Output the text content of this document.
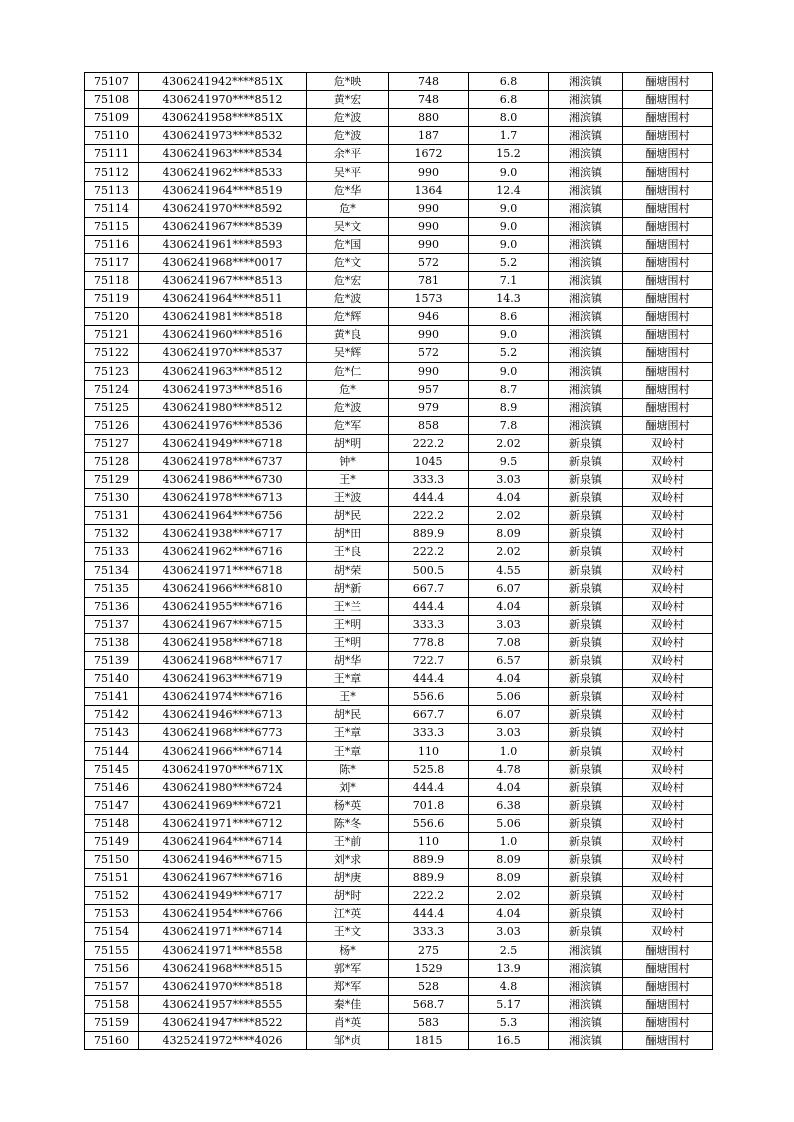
75107	4306241942****851X	危*映	748	6.8	湘滨镇	酾塘围村
75108	4306241970****8512	黄*宏	748	6.8	湘滨镇	酾塘围村
75109	4306241958****851X	危*波	880	8.0	湘滨镇	酾塘围村
75110	4306241973****8532	危*波	187	1.7	湘滨镇	酾塘围村
75111	4306241963****8534	余*平	1672	15.2	湘滨镇	酾塘围村
75112	4306241962****8533	吴*平	990	9.0	湘滨镇	酾塘围村
75113	4306241964****8519	危*华	1364	12.4	湘滨镇	酾塘围村
75114	4306241970****8592	危*	990	9.0	湘滨镇	酾塘围村
75115	4306241967****8539	吴*文	990	9.0	湘滨镇	酾塘围村
75116	4306241961****8593	危*国	990	9.0	湘滨镇	酾塘围村
75117	4306241968****0017	危*文	572	5.2	湘滨镇	酾塘围村
75118	4306241967****8513	危*宏	781	7.1	湘滨镇	酾塘围村
75119	4306241964****8511	危*波	1573	14.3	湘滨镇	酾塘围村
75120	4306241981****8518	危*辉	946	8.6	湘滨镇	酾塘围村
75121	4306241960****8516	黄*良	990	9.0	湘滨镇	酾塘围村
75122	4306241970****8537	吴*辉	572	5.2	湘滨镇	酾塘围村
75123	4306241963****8512	危*仁	990	9.0	湘滨镇	酾塘围村
75124	4306241973****8516	危*	957	8.7	湘滨镇	酾塘围村
75125	4306241980****8512	危*波	979	8.9	湘滨镇	酾塘围村
75126	4306241976****8536	危*军	858	7.8	湘滨镇	酾塘围村
75127	4306241949****6718	胡*明	222.2	2.02	新泉镇	双岭村
75128	4306241978****6737	钟*	1045	9.5	新泉镇	双岭村
75129	4306241986****6730	王*	333.3	3.03	新泉镇	双岭村
75130	4306241978****6713	王*波	444.4	4.04	新泉镇	双岭村
75131	4306241964****6756	胡*民	222.2	2.02	新泉镇	双岭村
75132	4306241938****6717	胡*田	889.9	8.09	新泉镇	双岭村
75133	4306241962****6716	王*良	222.2	2.02	新泉镇	双岭村
75134	4306241971****6718	胡*荣	500.5	4.55	新泉镇	双岭村
75135	4306241966****6810	胡*新	667.7	6.07	新泉镇	双岭村
75136	4306241955****6716	王*兰	444.4	4.04	新泉镇	双岭村
75137	4306241967****6715	王*明	333.3	3.03	新泉镇	双岭村
75138	4306241958****6718	王*明	778.8	7.08	新泉镇	双岭村
75139	4306241968****6717	胡*华	722.7	6.57	新泉镇	双岭村
75140	4306241963****6719	王*章	444.4	4.04	新泉镇	双岭村
75141	4306241974****6716	王*	556.6	5.06	新泉镇	双岭村
75142	4306241946****6713	胡*民	667.7	6.07	新泉镇	双岭村
75143	4306241968****6773	王*章	333.3	3.03	新泉镇	双岭村
75144	4306241966****6714	王*章	110	1.0	新泉镇	双岭村
75145	4306241970****671X	陈*	525.8	4.78	新泉镇	双岭村
75146	4306241980****6724	刘*	444.4	4.04	新泉镇	双岭村
75147	4306241969****6721	杨*英	701.8	6.38	新泉镇	双岭村
75148	4306241971****6712	陈*冬	556.6	5.06	新泉镇	双岭村
75149	4306241964****6714	王*前	110	1.0	新泉镇	双岭村
75150	4306241946****6715	刘*求	889.9	8.09	新泉镇	双岭村
75151	4306241967****6716	胡*庚	889.9	8.09	新泉镇	双岭村
75152	4306241949****6717	胡*时	222.2	2.02	新泉镇	双岭村
75153	4306241954****6766	江*英	444.4	4.04	新泉镇	双岭村
75154	4306241971****6714	王*文	333.3	3.03	新泉镇	双岭村
75155	4306241971****8558	杨*	275	2.5	湘滨镇	酾塘围村
75156	4306241968****8515	郭*军	1529	13.9	湘滨镇	酾塘围村
75157	4306241970****8518	郑*军	528	4.8	湘滨镇	酾塘围村
75158	4306241957****8555	秦*佳	568.7	5.17	湘滨镇	酾塘围村
75159	4306241947****8522	肖*英	583	5.3	湘滨镇	酾塘围村
75160	4325241972****4026	邹*贞	1815	16.5	湘滨镇	酾塘围村
